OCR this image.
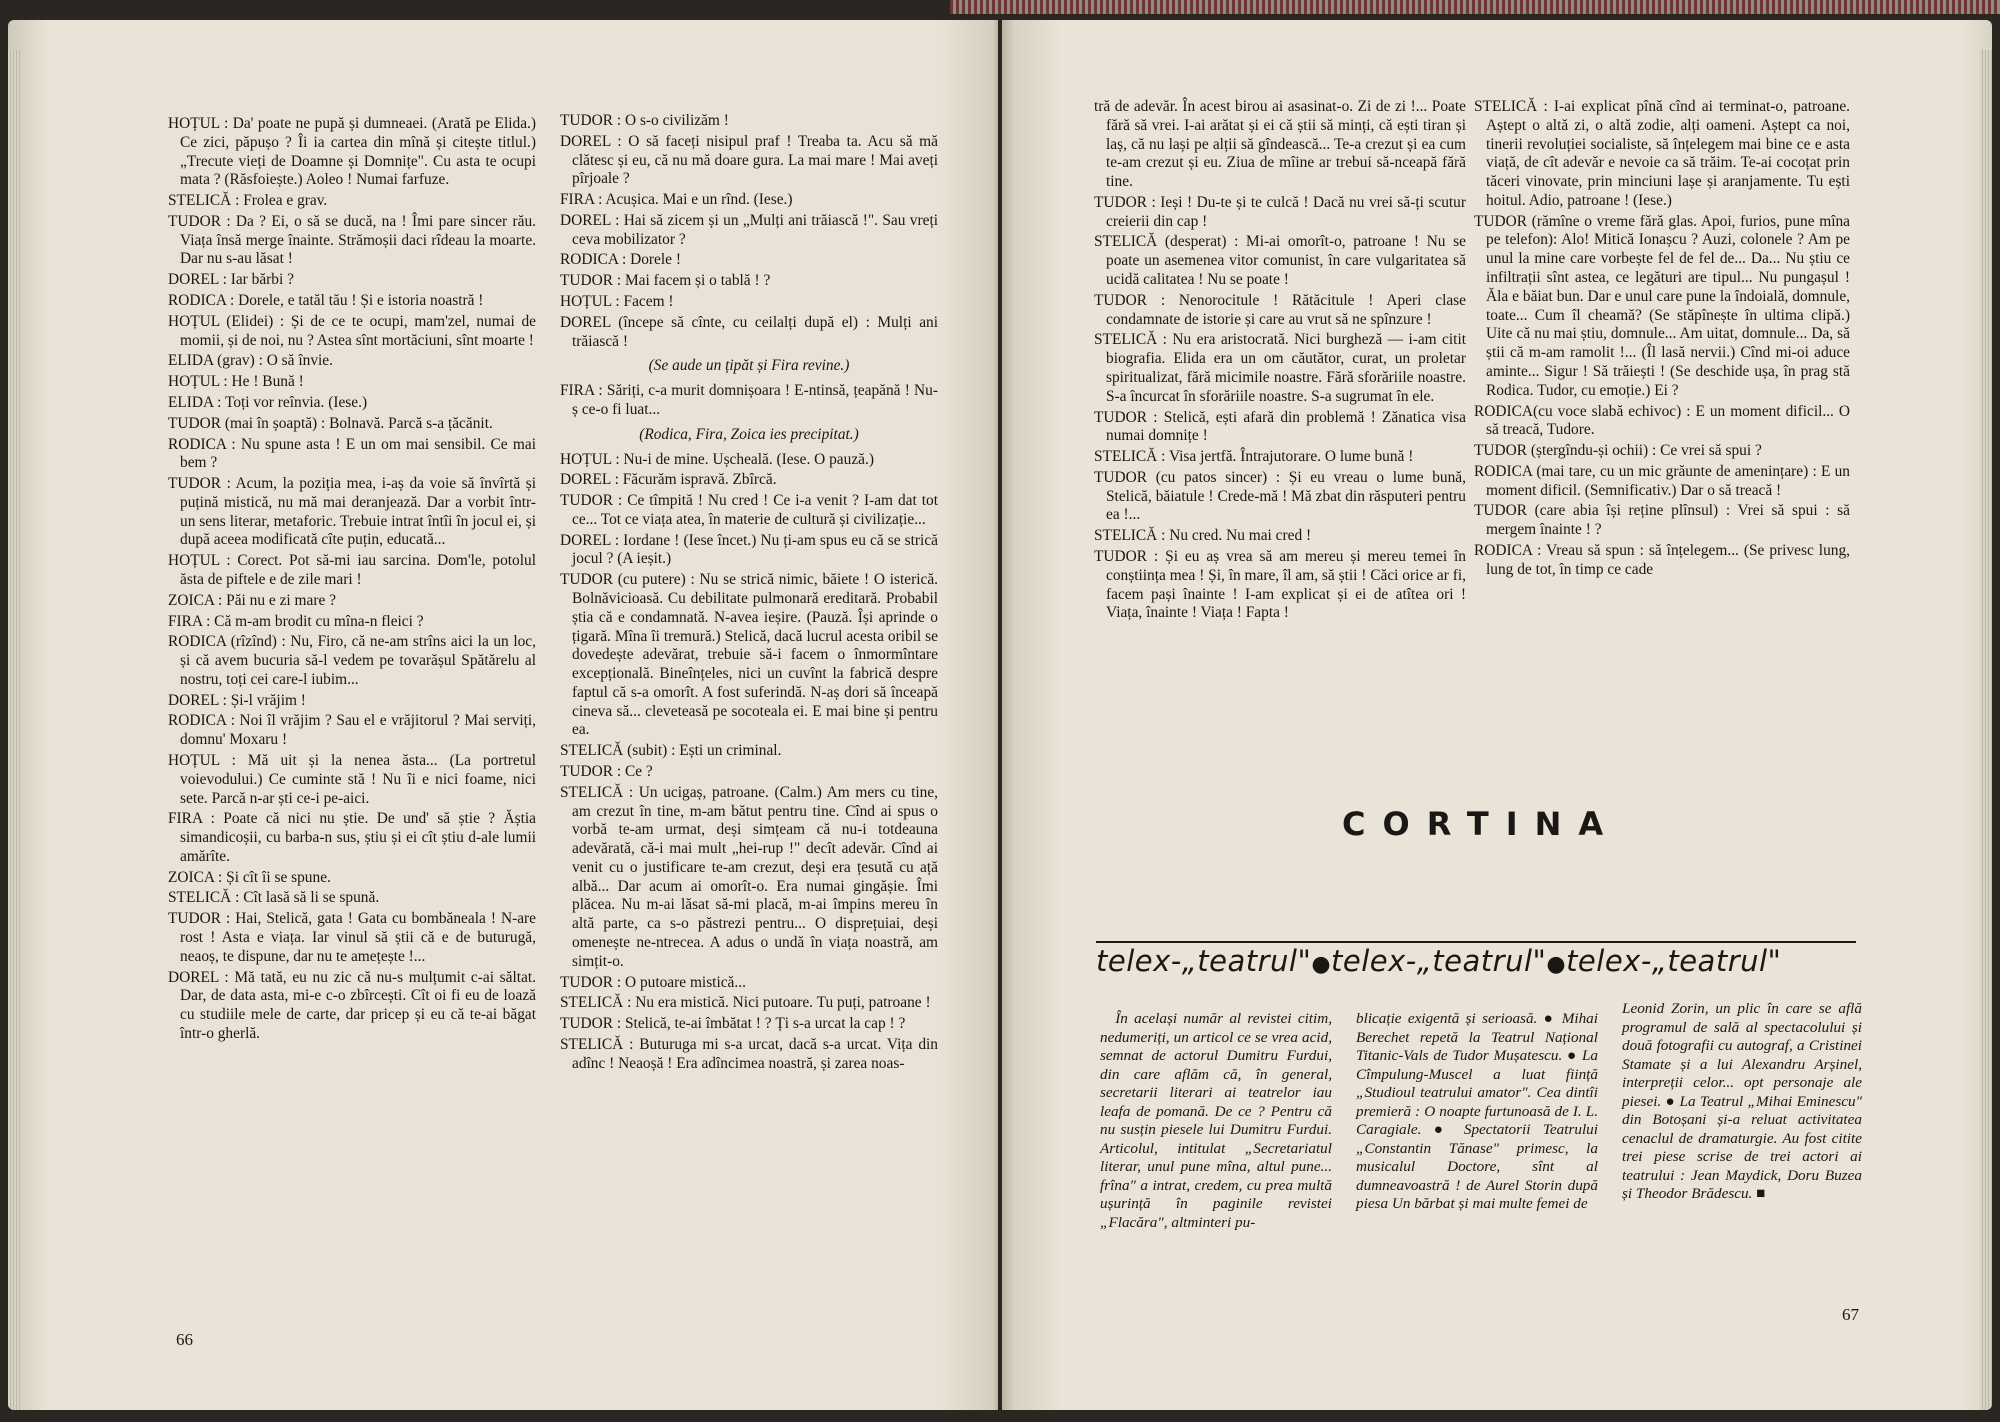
HOȚUL : Da' poate ne pupă și dumneaei. (Arată pe Elida.) Ce zici, păpușo ? Îi ia cartea din mînă și citește titlul.) „Trecute vieți de Doamne și Domnițe". Cu asta te ocupi mata ? (Răsfoiește.) Aoleo ! Numai farfuze.

STELICĂ : Frolea e grav.

TUDOR : Da ? Ei, o să se ducă, na ! Îmi pare sincer rău. Viața însă merge înainte. Strămoșii daci rîdeau la moarte. Dar nu s-au lăsat !

DOREL : Iar bărbi ?

RODICA : Dorele, e tatăl tău ! Și e istoria noastră !

HOȚUL (Elidei) : Și de ce te ocupi, mam'zel, numai de momii, și de noi, nu ? Astea sînt mortăciuni, sînt moarte !

ELIDA (grav) : O să învie.

HOȚUL : He ! Bună !

ELIDA : Toți vor reînvia. (Iese.)

TUDOR (mai în șoaptă) : Bolnavă. Parcă s-a țăcănit.

RODICA : Nu spune asta ! E un om mai sensibil. Ce mai bem ?

TUDOR : Acum, la poziția mea, i-aș da voie să învîrtă și puțină mistică, nu mă mai deranjează. Dar a vorbit într-un sens literar, metaforic. Trebuie intrat întîi în jocul ei, și după aceea modificată cîte puțin, educată...

HOȚUL : Corect. Pot să-mi iau sarcina. Dom'le, potolul ăsta de piftele e de zile mari !

ZOICA : Păi nu e zi mare ?

FIRA : Că m-am brodit cu mîna-n fleici ?

RODICA (rîzînd) : Nu, Firo, că ne-am strîns aici la un loc, și că avem bucuria să-l vedem pe tovarășul Spătărelu al nostru, toți cei care-l iubim...

DOREL : Și-l vrăjim !

RODICA : Noi îl vrăjim ? Sau el e vrăjitorul ? Mai serviți, domnu' Moxaru !

HOȚUL : Mă uit și la nenea ăsta... (La portretul voievodului.) Ce cuminte stă ! Nu îi e nici foame, nici sete. Parcă n-ar ști ce-i pe-aici.

FIRA : Poate că nici nu știe. De und' să știe ? Ăștia simandicoșii, cu barba-n sus, știu și ei cît știu d-ale lumii amărîte.

ZOICA : Și cît îi se spune.

STELICĂ : Cît lasă să li se spună.

TUDOR : Hai, Stelică, gata ! Gata cu bombăneala ! N-are rost ! Asta e viața. Iar vinul să știi că e de buturugă, neaoș, te dispune, dar nu te amețește !...

DOREL : Mă tată, eu nu zic că nu-s mulțumit c-ai săltat. Dar, de data asta, mi-e c-o zbîrcești. Cît oi fi eu de loază cu studiile mele de carte, dar pricep și eu că te-ai băgat într-o gherlă.

TUDOR : O s-o civilizăm !

DOREL : O să faceți nisipul praf ! Treaba ta. Acu să mă clătesc și eu, că nu mă doare gura. La mai mare ! Mai aveți pîrjoale ?

FIRA : Acușica. Mai e un rînd. (Iese.)

DOREL : Hai să zicem și un „Mulți ani trăiască !". Sau vreți ceva mobilizator ?

RODICA : Dorele !

TUDOR : Mai facem și o tablă ! ?

HOȚUL : Facem !

DOREL (începe să cînte, cu ceilalți după el) : Mulți ani trăiască !

(Se aude un țipăt și Fira revine.)

FIRA : Săriți, c-a murit domnișoara ! E-ntinsă, țeapănă ! Nu-ș ce-o fi luat...

(Rodica, Fira, Zoica ies precipitat.)

HOȚUL : Nu-i de mine. Ușcheală. (Iese. O pauză.)

DOREL : Făcurăm ispravă. Zbîrcă.

TUDOR : Ce tîmpită ! Nu cred ! Ce i-a venit ? I-am dat tot ce... Tot ce viața atea, în materie de cultură și civilizație...

DOREL : Iordane ! (Iese încet.) Nu ți-am spus eu că se strică jocul ? (A ieșit.)

TUDOR (cu putere) : Nu se strică nimic, băiete ! O isterică. Bolnăvicioasă. Cu debilitate pulmonară ereditară. Probabil știa că e condamnată. N-avea ieșire. (Pauză. Își aprinde o țigară. Mîna îi tremură.) Stelică, dacă lucrul acesta oribil se dovedește adevărat, trebuie să-i facem o înmormîntare excepțională. Bineînțeles, nici un cuvînt la fabrică despre faptul că s-a omorît. A fost suferindă. N-aș dori să înceapă cineva să... cleveteasă pe socoteala ei. E mai bine și pentru ea.

STELICĂ (subit) : Ești un criminal.

TUDOR : Ce ?

STELICĂ : Un ucigaș, patroane. (Calm.) Am mers cu tine, am crezut în tine, m-am bătut pentru tine. Cînd ai spus o vorbă te-am urmat, deși simțeam că nu-i totdeauna adevărată, că-i mai mult „hei-rup !" decît adevăr. Cînd ai venit cu o justificare te-am crezut, deși era țesută cu ață albă... Dar acum ai omorît-o. Era numai gingășie. Îmi plăcea. Nu m-ai lăsat să-mi placă, m-ai împins mereu în altă parte, ca s-o păstrezi pentru... O disprețuiai, deși omenește ne-ntrecea. A adus o undă în viața noastră, am simțit-o.

TUDOR : O putoare mistică...

STELICĂ : Nu era mistică. Nici putoare. Tu puți, patroane !

TUDOR : Stelică, te-ai îmbătat ! ? Ți s-a urcat la cap ! ?

STELICĂ : Buturuga mi s-a urcat, dacă s-a urcat. Vița din adînc ! Neaoșă ! Era adîncimea noastră, și zarea noas-

66

tră de adevăr. În acest birou ai asasinat-o. Zi de zi !... Poate fără să vrei. I-ai arătat și ei că știi să minți, că ești tiran și laș, că nu lași pe alții să gîndească... Te-a crezut și ea cum te-am crezut și eu. Ziua de mîine ar trebui să-nceapă fără tine.

TUDOR : Ieși ! Du-te și te culcă ! Dacă nu vrei să-ți scutur creierii din cap !

STELICĂ (desperat) : Mi-ai omorît-o, patroane ! Nu se poate un asemenea vitor comunist, în care vulgaritatea să ucidă calitatea ! Nu se poate !

TUDOR : Nenorocitule ! Rătăcitule ! Aperi clase condamnate de istorie și care au vrut să ne spînzure !

STELICĂ : Nu era aristocrată. Nici burgheză — i-am citit biografia. Elida era un om căutător, curat, un proletar spiritualizat, fără micimile noastre. Fără sforăriile noastre. S-a încurcat în sforăriile noastre. S-a sugrumat în ele.

TUDOR : Stelică, ești afară din problemă ! Zănatica visa numai domnițe !

STELICĂ : Visa jertfă. Întrajutorare. O lume bună !

TUDOR (cu patos sincer) : Și eu vreau o lume bună, Stelică, băiatule ! Crede-mă ! Mă zbat din răsputeri pentru ea !...

STELICĂ : Nu cred. Nu mai cred !

TUDOR : Și eu aș vrea să am mereu și mereu temei în conștiința mea ! Și, în mare, îl am, să știi ! Căci orice ar fi, facem pași înainte ! I-am explicat și ei de atîtea ori ! Viața, înainte ! Viața ! Fapta !

STELICĂ : I-ai explicat pînă cînd ai terminat-o, patroane. Aștept o altă zi, o altă zodie, alți oameni. Aștept ca noi, tinerii revoluției socialiste, să înțelegem mai bine ce e asta viață, de cît adevăr e nevoie ca să trăim. Te-ai cocoțat prin tăceri vinovate, prin minciuni lașe și aranjamente. Tu ești hoitul. Adio, patroane ! (Iese.)

TUDOR (rămîne o vreme fără glas. Apoi, furios, pune mîna pe telefon): Alo! Mitică Ionașcu ? Auzi, colonele ? Am pe unul la mine care vorbește fel de fel de... Da... Nu știu ce infiltrații sînt astea, ce legături are tipul... Nu pungașul ! Ăla e băiat bun. Dar e unul care pune la îndoială, domnule, toate... Cum îl cheamă? (Se stăpînește în ultima clipă.) Uite că nu mai știu, domnule... Am uitat, domnule... Da, să știi că m-am ramolit !... (Îl lasă nervii.) Cînd mi-oi aduce aminte... Sigur ! Să trăiești ! (Se deschide ușa, în prag stă Rodica. Tudor, cu emoție.) Ei ?

RODICA(cu voce slabă echivoc) : E un moment dificil... O să treacă, Tudore.

TUDOR (ștergîndu-și ochii) : Ce vrei să spui ?

RODICA (mai tare, cu un mic grăunte de amenințare) : E un moment dificil. (Semnificativ.) Dar o să treacă !

TUDOR (care abia își reține plînsul) : Vrei să spui : să mergem înainte ! ?

RODICA : Vreau să spun : să înțelegem... (Se privesc lung, lung de tot, în timp ce cade

67
CORTINA
telex-„teatrul"●telex-„teatrul"●telex-„teatrul"
 În același număr al revistei citim, nedumeriți, un articol ce se vrea acid, semnat de actorul Dumitru Furdui, din care aflăm că, în general, secretarii literari ai teatrelor iau leafa de pomană. De ce ? Pentru că nu susțin piesele lui Dumitru Furdui. Articolul, intitulat „Secretariatul literar, unul pune mîna, altul pune... frîna" a intrat, credem, cu prea multă ușurință în paginile revistei „Flacăra", altminteri pu-
blicație exigentă și serioasă. ● Mihai Berechet repetă la Teatrul Național Titanic-Vals de Tudor Mușatescu. ● La Cîmpulung-Muscel a luat ființă „Studioul teatrului amator". Cea dintîi premieră : O noapte furtunoasă de I. L. Caragiale. ● Spectatorii Teatrului „Constantin Tănase" primesc, la musicalul Doctore, sînt al dumneavoastră ! de Aurel Storin după piesa Un bărbat și mai multe femei de
Leonid Zorin, un plic în care se află programul de sală al spectacolului și două fotografii cu autograf, a Cristinei Stamate și a lui Alexandru Arșinel, interpreții celor... opt personaje ale piesei. ● La Teatrul „Mihai Eminescu" din Botoșani și-a reluat activitatea cenaclul de dramaturgie. Au fost citite trei piese scrise de trei actori ai teatrului : Jean Maydick, Doru Buzea și Theodor Brădescu. ■
